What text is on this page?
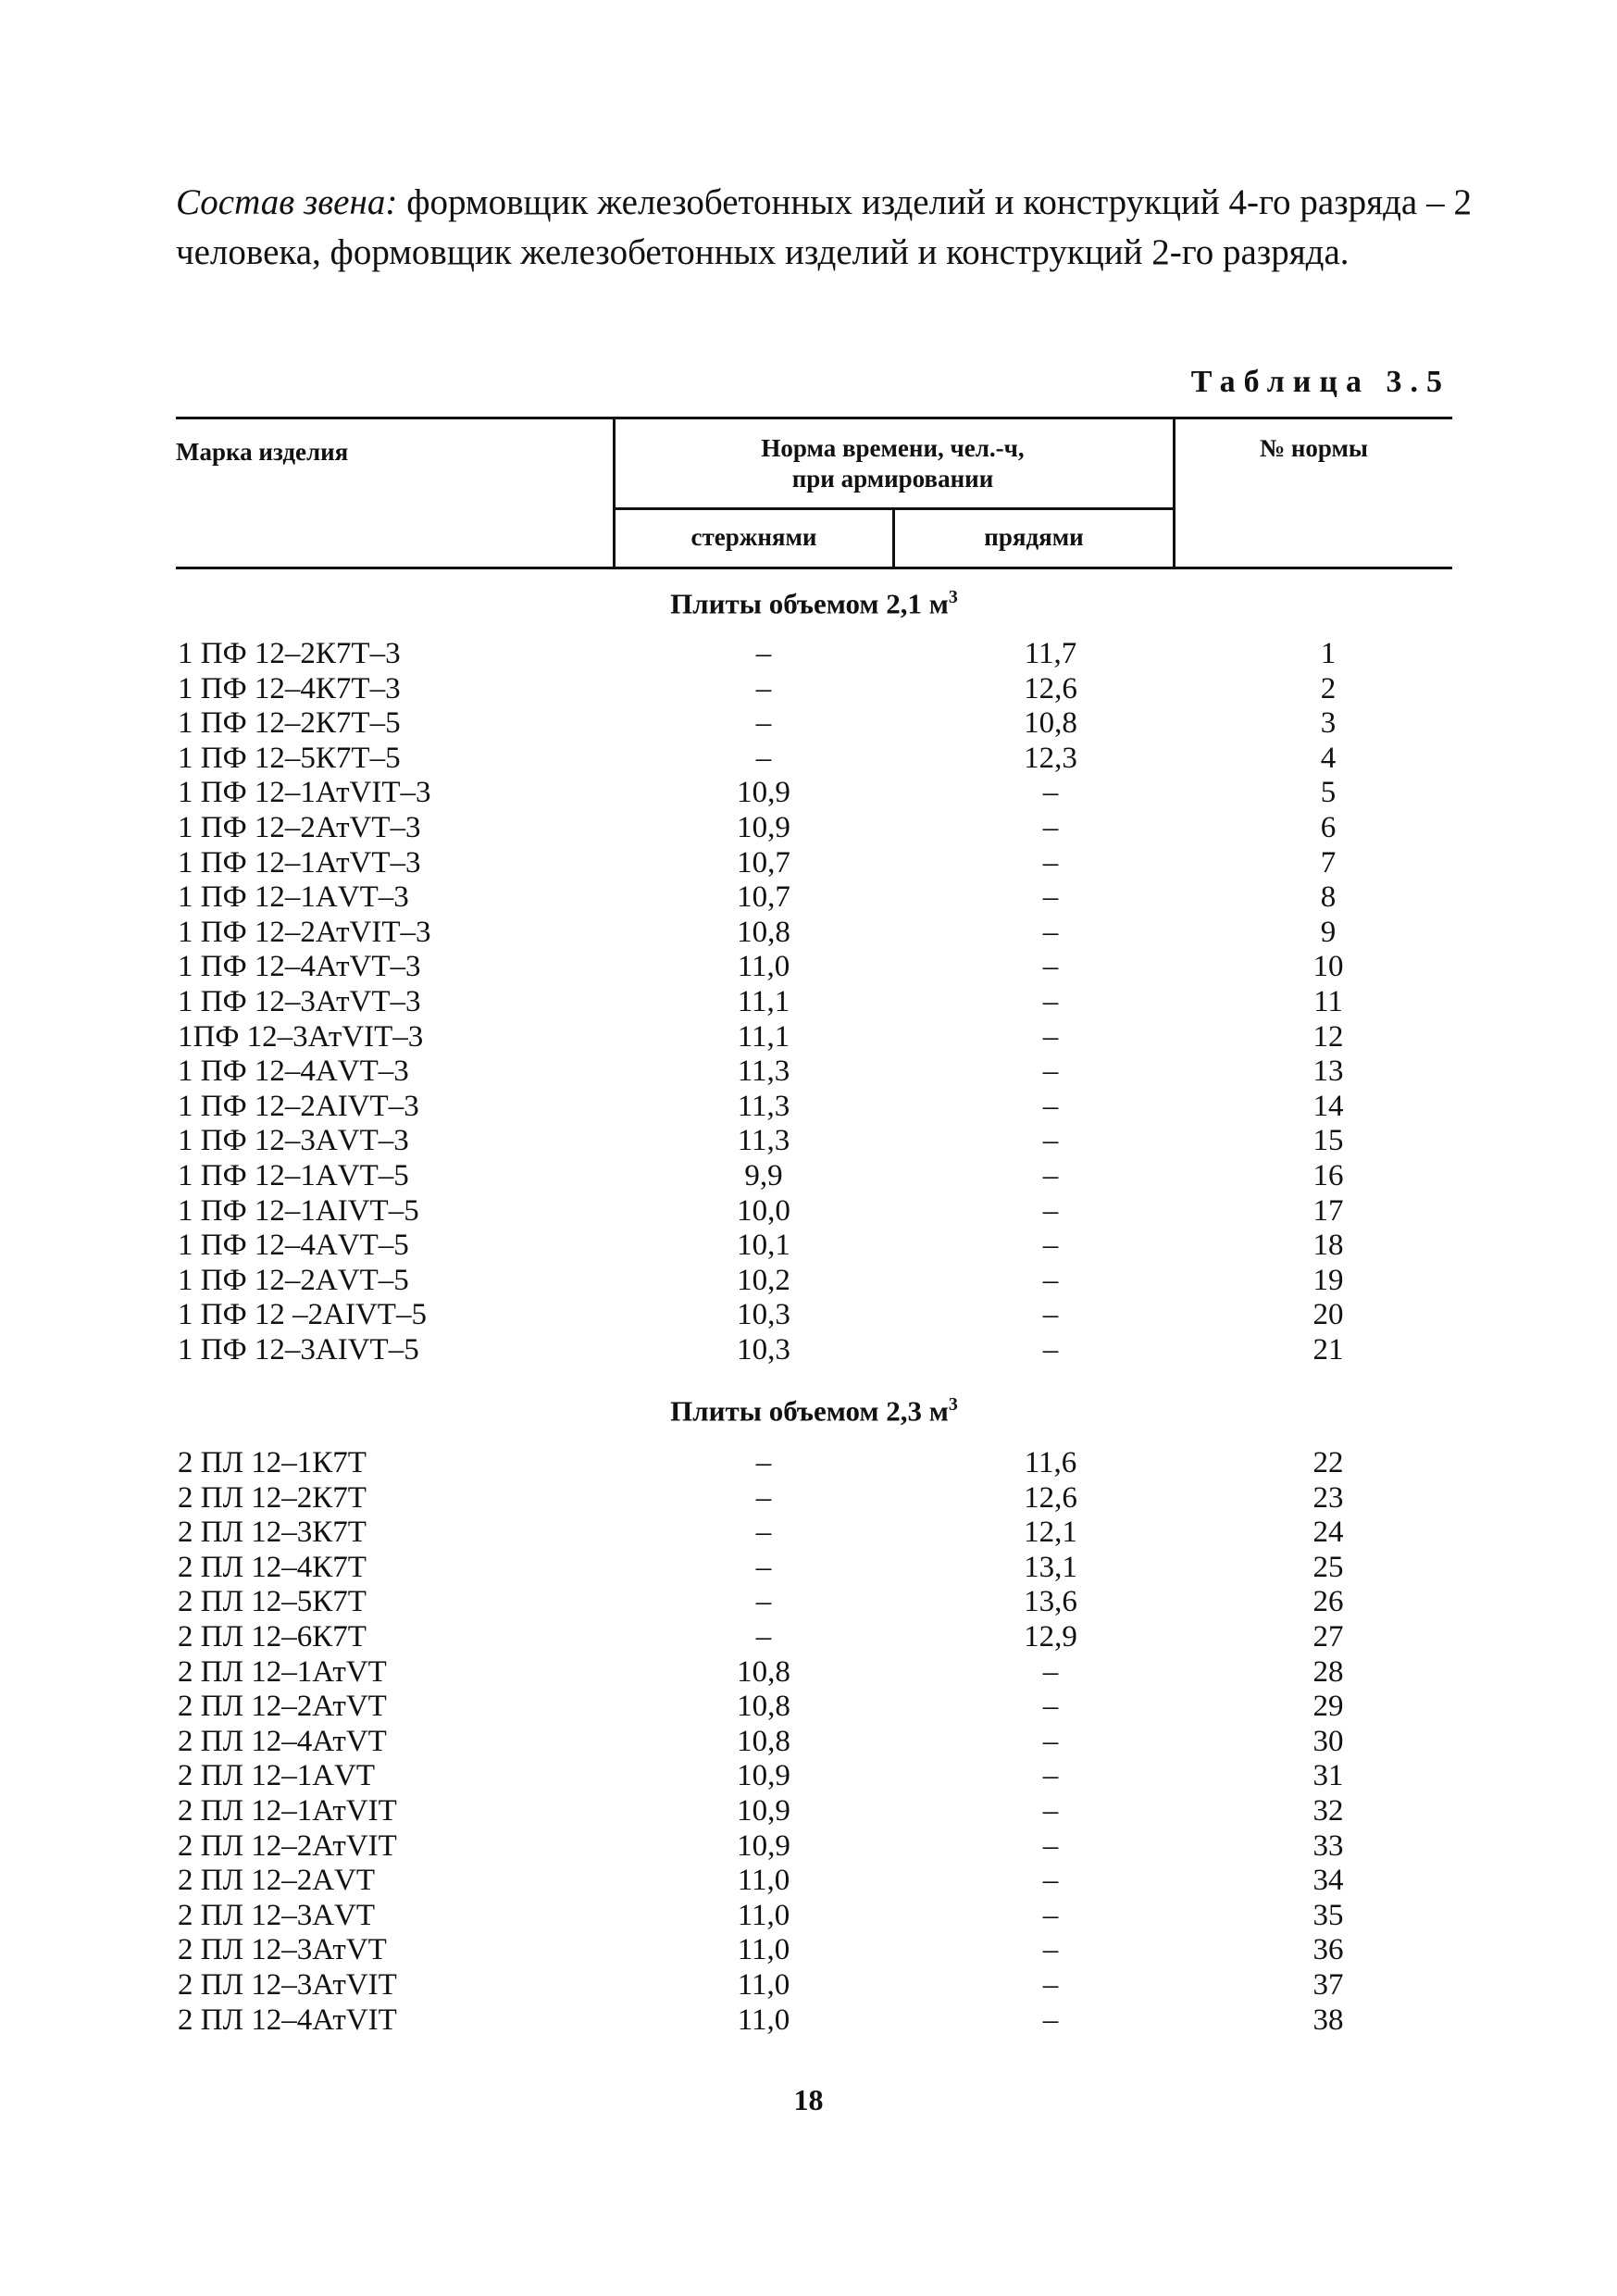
Состав звена: формовщик железобетонных изделий и конструкций 4-го разряда – 2 человека, формовщик железобетонных изделий и конструкций 2-го разряда.
Таблица 3.5
Марка изделия	Норма времени, чел.-ч,
при армировании
стержнями	прядями
№ нормы
Плиты объемом 2,1 $м^3$
1 ПФ 12–2К7Т–3	–	11,7	1
1 ПФ 12–4К7Т–3	–	12,6	2
1 ПФ 12–2К7Т–5	–	10,8	3
1 ПФ 12–5К7Т–5	–	12,3	4
1 ПФ 12–1АтVIТ–3	10,9	–	5
1 ПФ 12–2АтVТ–3	10,9	–	6
1 ПФ 12–1АтVТ–3	10,7	–	7
1 ПФ 12–1АVТ–3	10,7	–	8
1 ПФ 12–2АтVIТ–3	10,8	–	9
1 ПФ 12–4АтVТ–3	11,0	–	10
1 ПФ 12–3АтVТ–3	11,1	–	11
1ПФ 12–3АтVIТ–3	11,1	–	12
1 ПФ 12–4АVТ–3	11,3	–	13
1 ПФ 12–2АIVТ–3	11,3	–	14
1 ПФ 12–3АVТ–3	11,3	–	15
1 ПФ 12–1АVТ–5	9,9	–	16
1 ПФ 12–1АIVТ–5	10,0	–	17
1 ПФ 12–4АVТ–5	10,1	–	18
1 ПФ 12–2АVТ–5	10,2	–	19
1 ПФ 12 –2АIVТ–5	10,3	–	20
1 ПФ 12–3АIVТ–5	10,3	–	21
Плиты объемом 2,3 $м^3$
2 ПЛ 12–1К7Т	–	11,6	22
2 ПЛ 12–2К7Т	–	12,6	23
2 ПЛ 12–3К7Т	–	12,1	24
2 ПЛ 12–4К7Т	–	13,1	25
2 ПЛ 12–5К7Т	–	13,6	26
2 ПЛ 12–6К7Т	–	12,9	27
2 ПЛ 12–1АтVТ	10,8	–	28
2 ПЛ 12–2АтVТ	10,8	–	29
2 ПЛ 12–4АтVТ	10,8	–	30
2 ПЛ 12–1АVТ	10,9	–	31
2 ПЛ 12–1АтVIТ	10,9	–	32
2 ПЛ 12–2АтVIТ	10,9	–	33
2 ПЛ 12–2АVТ	11,0	–	34
2 ПЛ 12–3АVТ	11,0	–	35
2 ПЛ 12–3АтVТ	11,0	–	36
2 ПЛ 12–3АтVIТ	11,0	–	37
2 ПЛ 12–4АтVIТ	11,0	–	38
18
